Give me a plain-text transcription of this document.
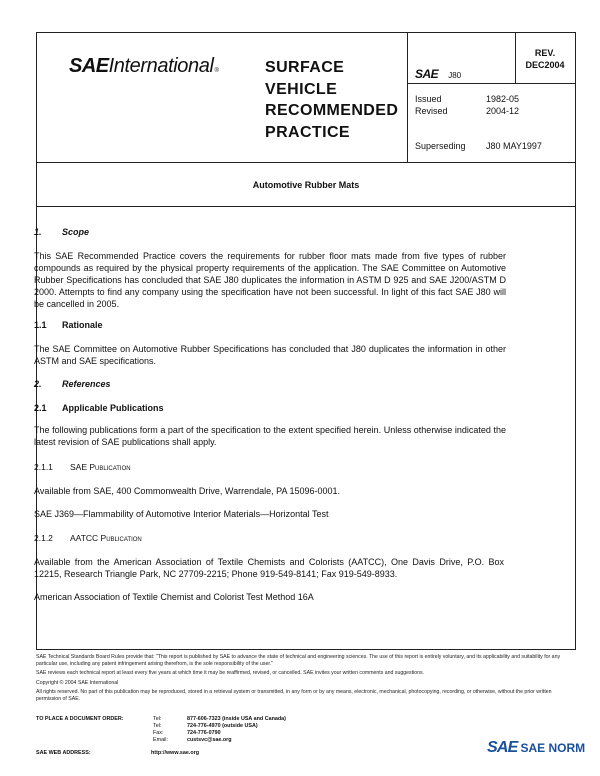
SAE International ®	SURFACE
VEHICLE
RECOMMENDED
PRACTICE
SAE J80
REV.
DEC2004
Issued	1982-05
Revised	2004-12
Superseding	J80 MAY1997
Automotive Rubber Mats
1. Scope
This SAE Recommended Practice covers the requirements for rubber floor mats made from five types of rubber compounds as required by the physical property requirements of the application. The SAE Committee on Automotive Rubber Specifications has concluded that SAE J80 duplicates the information in ASTM D 925 and SAE J200/ASTM D 2000. Attempts to find any company using the specification have not been successful. In light of this fact SAE J80 will be cancelled in 2005.
1.1 Rationale
The SAE Committee on Automotive Rubber Specifications has concluded that J80 duplicates the information in other ASTM and SAE specifications.
2. References
2.1 Applicable Publications
The following publications form a part of the specification to the extent specified herein. Unless otherwise indicated the latest revision of SAE publications shall apply.
2.1.1 SAE Publication
Available from SAE, 400 Commonwealth Drive, Warrendale, PA 15096-0001.
SAE J369—Flammability of Automotive Interior Materials—Horizontal Test
2.1.2 AATCC Publication
Available from the American Association of Textile Chemists and Colorists (AATCC), One Davis Drive, P.O. Box 12215, Research Triangle Park, NC 27709-2215; Phone 919-549-8141; Fax 919-549-8933.
American Association of Textile Chemist and Colorist Test Method 16A

SAE Technical Standards Board Rules provide that: "This report is published by SAE to advance the state of technical and engineering sciences. The use of this report is entirely voluntary, and its applicability and suitability for any particular use, including any patent infringement arising therefrom, is the sole responsibility of the user."

SAE reviews each technical report at least every five years at which time it may be reaffirmed, revised, or cancelled. SAE invites your written comments and suggestions.

Copyright © 2004 SAE International

All rights reserved. No part of this publication may be reproduced, stored in a retrieval system or transmitted, in any form or by any means, electronic, mechanical, photocopying, recording, or otherwise, without the prior written permission of SAE.

TO PLACE A DOCUMENT ORDER:	Tel:	877-606-7323 (inside USA and Canada)
Tel:	724-776-4970 (outside USA)
Fax:	724-776-0790
Email:	custsvc@sae.org
SAE WEB ADDRESS:	http://www.sae.org	SAE SAE NORM
